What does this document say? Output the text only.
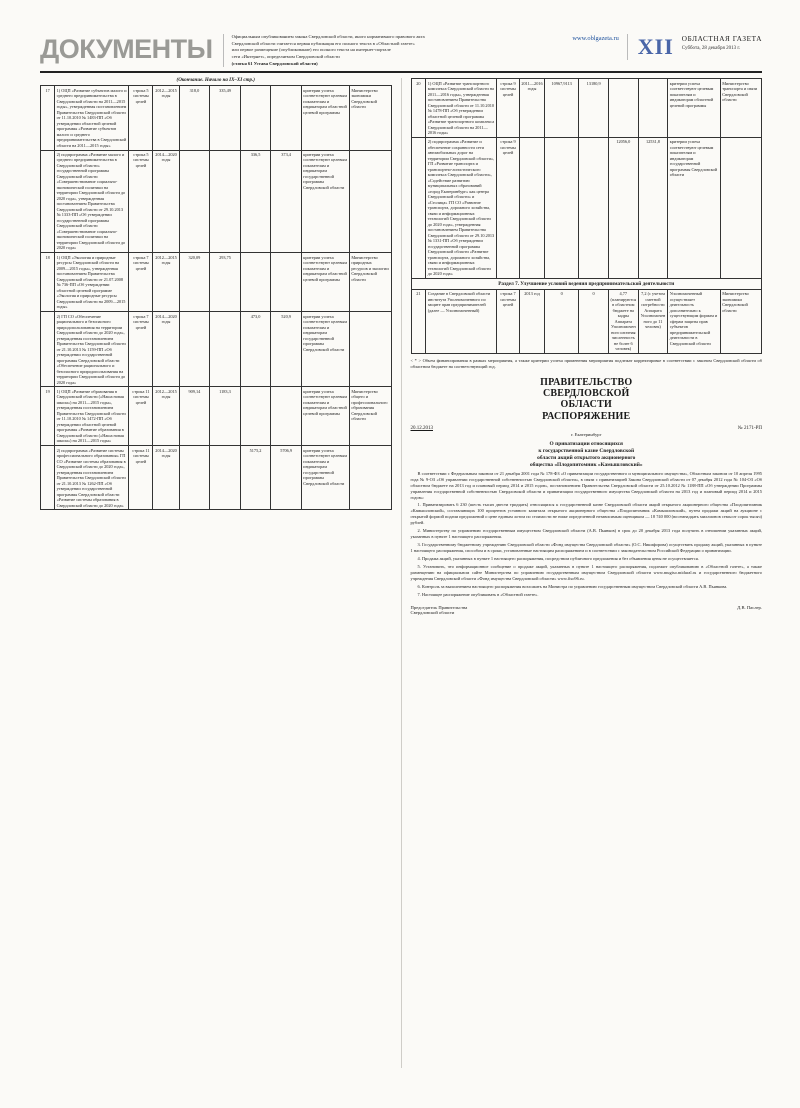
ДОКУМЕНТЫ	Официальным опубликованием закона Свердловской области, иного нормативного правового акта
Свердловской области считается первая публикация его полного текста в «Областной газете»
или первое размещение (опубликование) его полного текста на интернет-портале
сети «Интернет», определяемом Свердловской области
(статья 61 Устава Свердловской области)
www.oblgazeta.ru XII ОБЛАСТНАЯ ГАЗЕТА
Суббота, 28 декабря 2013 г.
(Окончание. Начало на IX–XI стр.)
17	1) ОЦП «Развитие субъектов малого и среднего предпринимательства в Свердловской области на 2011—2015 годы», утвержденная постановлением Правительства Свердловской области от 11.10.2010 № 1483-ПП «Об утверждении областной целевой программы «Развитие субъектов малого и среднего предпринимательства в Свердловской области на 2011—2015 годы»	строка 5 системы целей	2012—2015 годы	318,0	335,49			критерии успеха соответствуют целевым показателям и индикаторам областной целевой программы	Министерство экономики Свердловской области
	2) подпрограмма «Развитие малого и среднего предпринимательства в Свердловской области» государственной программы Свердловской области «Совершенствование социально-экономической политики на территории Свердловской области до 2020 года», утвержденная постановлением Правительства Свердловской области от 29.10.2013 № 1333-ПП «Об утверждении государственной программы Свердловской области «Совершенствование социально-экономической политики на территории Свердловской области до 2020 года»	строка 5 системы целей	2014—2020 годы			336,5	373,4	критерии успеха соответствуют целевым показателям и индикаторам государственной программы Свердловской области	
18	1) ОЦП «Экология и природные ресурсы Свердловской области на 2009—2015 годы», утвержденная постановлением Правительства Свердловской области от 21.07.2008 № 736-ПП «Об утверждении областной целевой программе «Экология и природные ресурсы Свердловской области на 2009—2015 годы»	строка 7 системы целей	2012—2015 годы	320,09	293,75			критерии успеха соответствуют целевым показателям и индикаторам областной целевой программы	Министерство природных ресурсов и экологии Свердловской области
	2) ГП СО «Обеспечение рационального и безопасного природопользования на территории Свердловской области до 2020 года», утвержденная постановлением Правительства Свердловской области от 21.10.2013 № 1159-ПП «Об утверждении государственной программы Свердловской области «Обеспечение рационального и безопасного природопользования на территории Свердловской области до 2020 года»	строка 7 системы целей	2014—2020 годы			473,0	520,9	критерии успеха соответствуют целевым показателям и индикаторам государственной программы Свердловской области	
19	1) ОЦП «Развитие образования в Свердловской области («Наша новая школа») на 2011—2015 годы», утвержденная постановлением Правительства Свердловской области от 11.10.2010 № 1472-ПП «Об утверждении областной целевой программы «Развитие образования в Свердловской области («Наша новая школа») на 2011—2015 годы»	строка 11 системы целей	2012—2015 годы	909,14	1183,3			критерии успеха соответствуют целевым показателям и индикаторам областной целевой программы	Министерство общего и профессионального образования Свердловской области
	2) подпрограмма «Развитие системы профессионального образования» ГП СО «Развитие системы образования в Свердловской области до 2020 года», утвержденная постановлением Правительства Свердловской области от 21.10.2013 № 1262-ПП «Об утверждении государственной программы Свердловской области «Развитие системы образования в Свердловской области до 2020 года»	строка 11 системы целей	2014—2020 годы			5175,2	5706,9	критерии успеха соответствуют целевым показателям и индикаторам государственной программы Свердловской области	
20	1) ОЦП «Развитие транспортного комплекса Свердловской области на 2011—2016 годы», утвержденная постановлением Правительства Свердловской области от 11.10.2010 № 1478-ПП «Об утверждении областной целевой программы «Развитие транспортного комплекса Свердловской области на 2011—2016 годы»	строка 9 системы целей	2011—2016 годы	10967,9113	13180,9			критерии успеха соответствуют целевым показателям и индикаторам областной целевой программы	Министерство транспорта и связи Свердловской области
	2) подпрограмма «Развитие и обеспечение сохранности сети автомобильных дорог на территории Свердловской области», ГП «Развитие транспорта и транспортно-логистического комплекса Свердловской области», «Содействие развитию муниципальных образований «город Екатеринбург» как центра Свердловской области» и «Столица» ГП СО «Развитие транспорта, дорожного хозяйства, связи и информационных технологий Свердловской области до 2020 года», утвержденная постановлением Правительства Свердловской области от 29.10.2013 № 1331-ПП «Об утверждении государственной программы Свердловской области «Развитие транспорта, дорожного хозяйства, связи и информационных технологий Свердловской области до 2020 года»	строка 9 системы целей				12056,0	12531,8	критерии успеха соответствуют целевым показателям и индикаторам государственной программы Свердловской области	
Раздел 7. Улучшение условий ведения предпринимательской деятельности									
21	Создание в Свердловской области института Уполномоченного по защите прав предпринимателей (далее — Уполномоченный)	строка 7 системы целей	2013 год	0	0	4,77 (планируются в областном бюджете на кадры Аппарата Уполномоченного штатная численность не более 6 человек)	7,2 (с учетом сметной потребности Аппарата Уполномоченного до 11 человек)	Уполномоченный осуществляет деятельность дополнительно к существующим формам и сферам защиты прав субъектов предпринимательской деятельности в Свердловской области	Министерство экономики Свердловской области
< * > Объем финансирования в рамках мероприятия, а также критерии успеха применения мероприятия подлежат корректировке в соответствии с законом Свердловской области об областном бюджете на соответствующий год.
ПРАВИТЕЛЬСТВО
СВЕРДЛОВСКОЙ
ОБЛАСТИ
РАСПОРЯЖЕНИЕ
20.12.2013	№ 2171-РП
г. Екатеринбург
О приватизации относящихся
к государственной казне Свердловской
области акций открытого акционерного
общества «Плодопитомник «Камышловский»

В соответствии с Федеральным законом от 21 декабря 2001 года № 178-ФЗ «О приватизации государственного и муниципального имущества», Областным законом от 10 апреля 1995 года № 9-ОЗ «Об управлении государственной собственностью Свердловской области», в связи с приватизацией Закона Свердловской области от 07 декабря 2012 года № 104-ОЗ «Об областном бюджете на 2013 год и плановый период 2014 и 2015 годов», постановлением Правительства Свердловской области от 25.10.2012 № 1188-ПП «Об утверждении Программы управления государственной собственностью Свердловской области и приватизации государственного имущества Свердловской области на 2013 год и плановый период 2014 и 2015 годов»:

1. Приватизировать 6 230 (шесть тысяч двести тридцать) относящихся к государственной казне Свердловской области акций открытого акционерного общества «Плодопитомник «Камышловский», составляющих 100 процентов уставного капитала открытого акционерного общества «Плодопитомник «Камышловский», путем продажи акций на аукционе с открытой формой подачи предложений о цене единым лотом по стоимости не ниже определенной независимым оценщиком — 18 740 000 (восемнадцать миллионов семьсот сорок тысяч) рублей.

2. Министерству по управлению государственным имуществом Свердловской области (А.В. Пьянков) в срок до 20 декабря 2013 года получить в отношении указанных акций, указанных в пункте 1 настоящего распоряжения.

3. Государственному бюджетному учреждению Свердловской области «Фонд имущества Свердловской области» (О.С. Никифорова) осуществить продажу акций, указанных в пункте 1 настоящего распоряжения, способом и в сроки, установленные настоящим распоряжением и в соответствии с законодательством Российской Федерации о приватизации.

4. Продажа акций, указанных в пункте 1 настоящего распоряжения, посредством публичного предложения и без объявления цены не осуществляется.

5. Установить, что информационное сообщение о продаже акций, указанных в пункте 1 настоящего распоряжения, подлежит опубликованию в «Областной газете», а также размещению на официальном сайте Министерства по управлению государственным имуществом Свердловской области www.mugiso.midural.ru и государственного бюджетного учреждения Свердловской области «Фонд имущества Свердловской области» www.fiso96.ru.

6. Контроль за выполнением настоящего распоряжения возложить на Министра по управлению государственным имуществом Свердловской области А.В. Пьянкова.

7. Настоящее распоряжение опубликовать в «Областной газете».

Председатель Правительства
Свердловской области
Д.В. Паслер.
